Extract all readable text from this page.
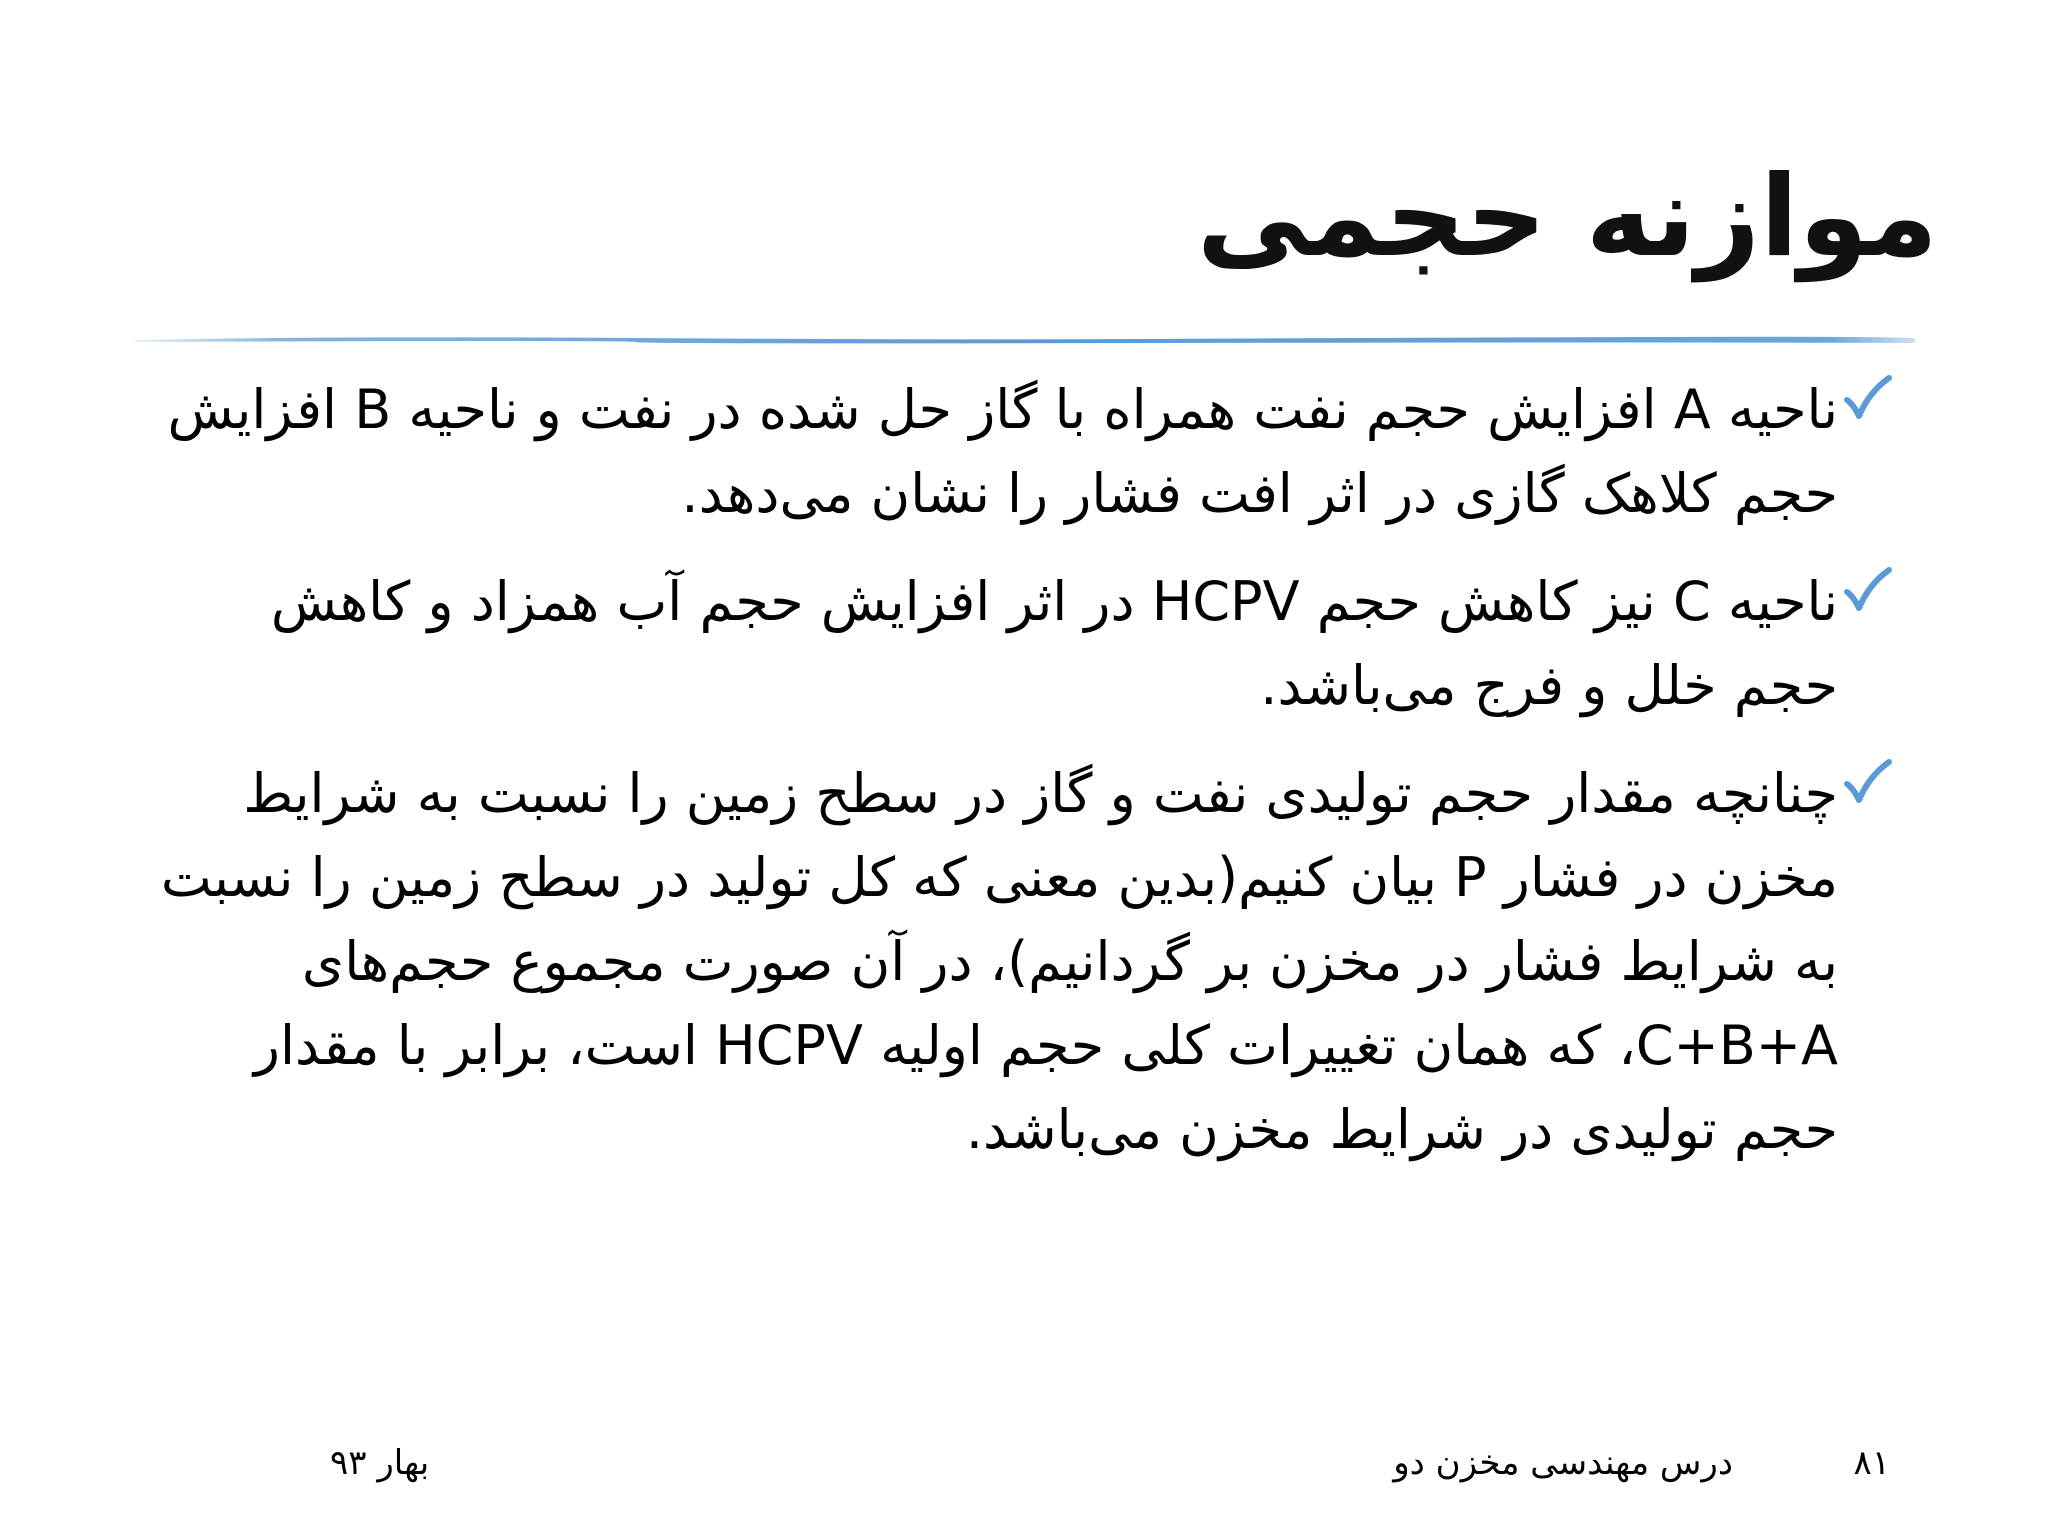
موازنه حجمی
ناحیه A افزایش حجم نفت همراه با گاز حل شده در نفت و ناحیه B افزایش حجم کلاهک گازی در اثر افت فشار را نشان می‌دهد.
ناحیه C نیز کاهش حجم HCPV در اثر افزایش حجم آب همزاد و کاهش حجم خلل و فرج می‌باشد.
چنانچه مقدار حجم تولیدی نفت و گاز در سطح زمین را نسبت به شرایط مخزن در فشار P بیان کنیم(بدین معنی که کل تولید در سطح زمین را نسبت به شرایط فشار در مخزن بر گردانیم)، در آن صورت مجموع حجم‌های C+B+A، که همان تغییرات کلی حجم اولیه HCPV است، برابر با مقدار حجم تولیدی در شرایط مخزن می‌باشد.
۸۱
درس مهندسی مخزن دو
بهار ۹۳
